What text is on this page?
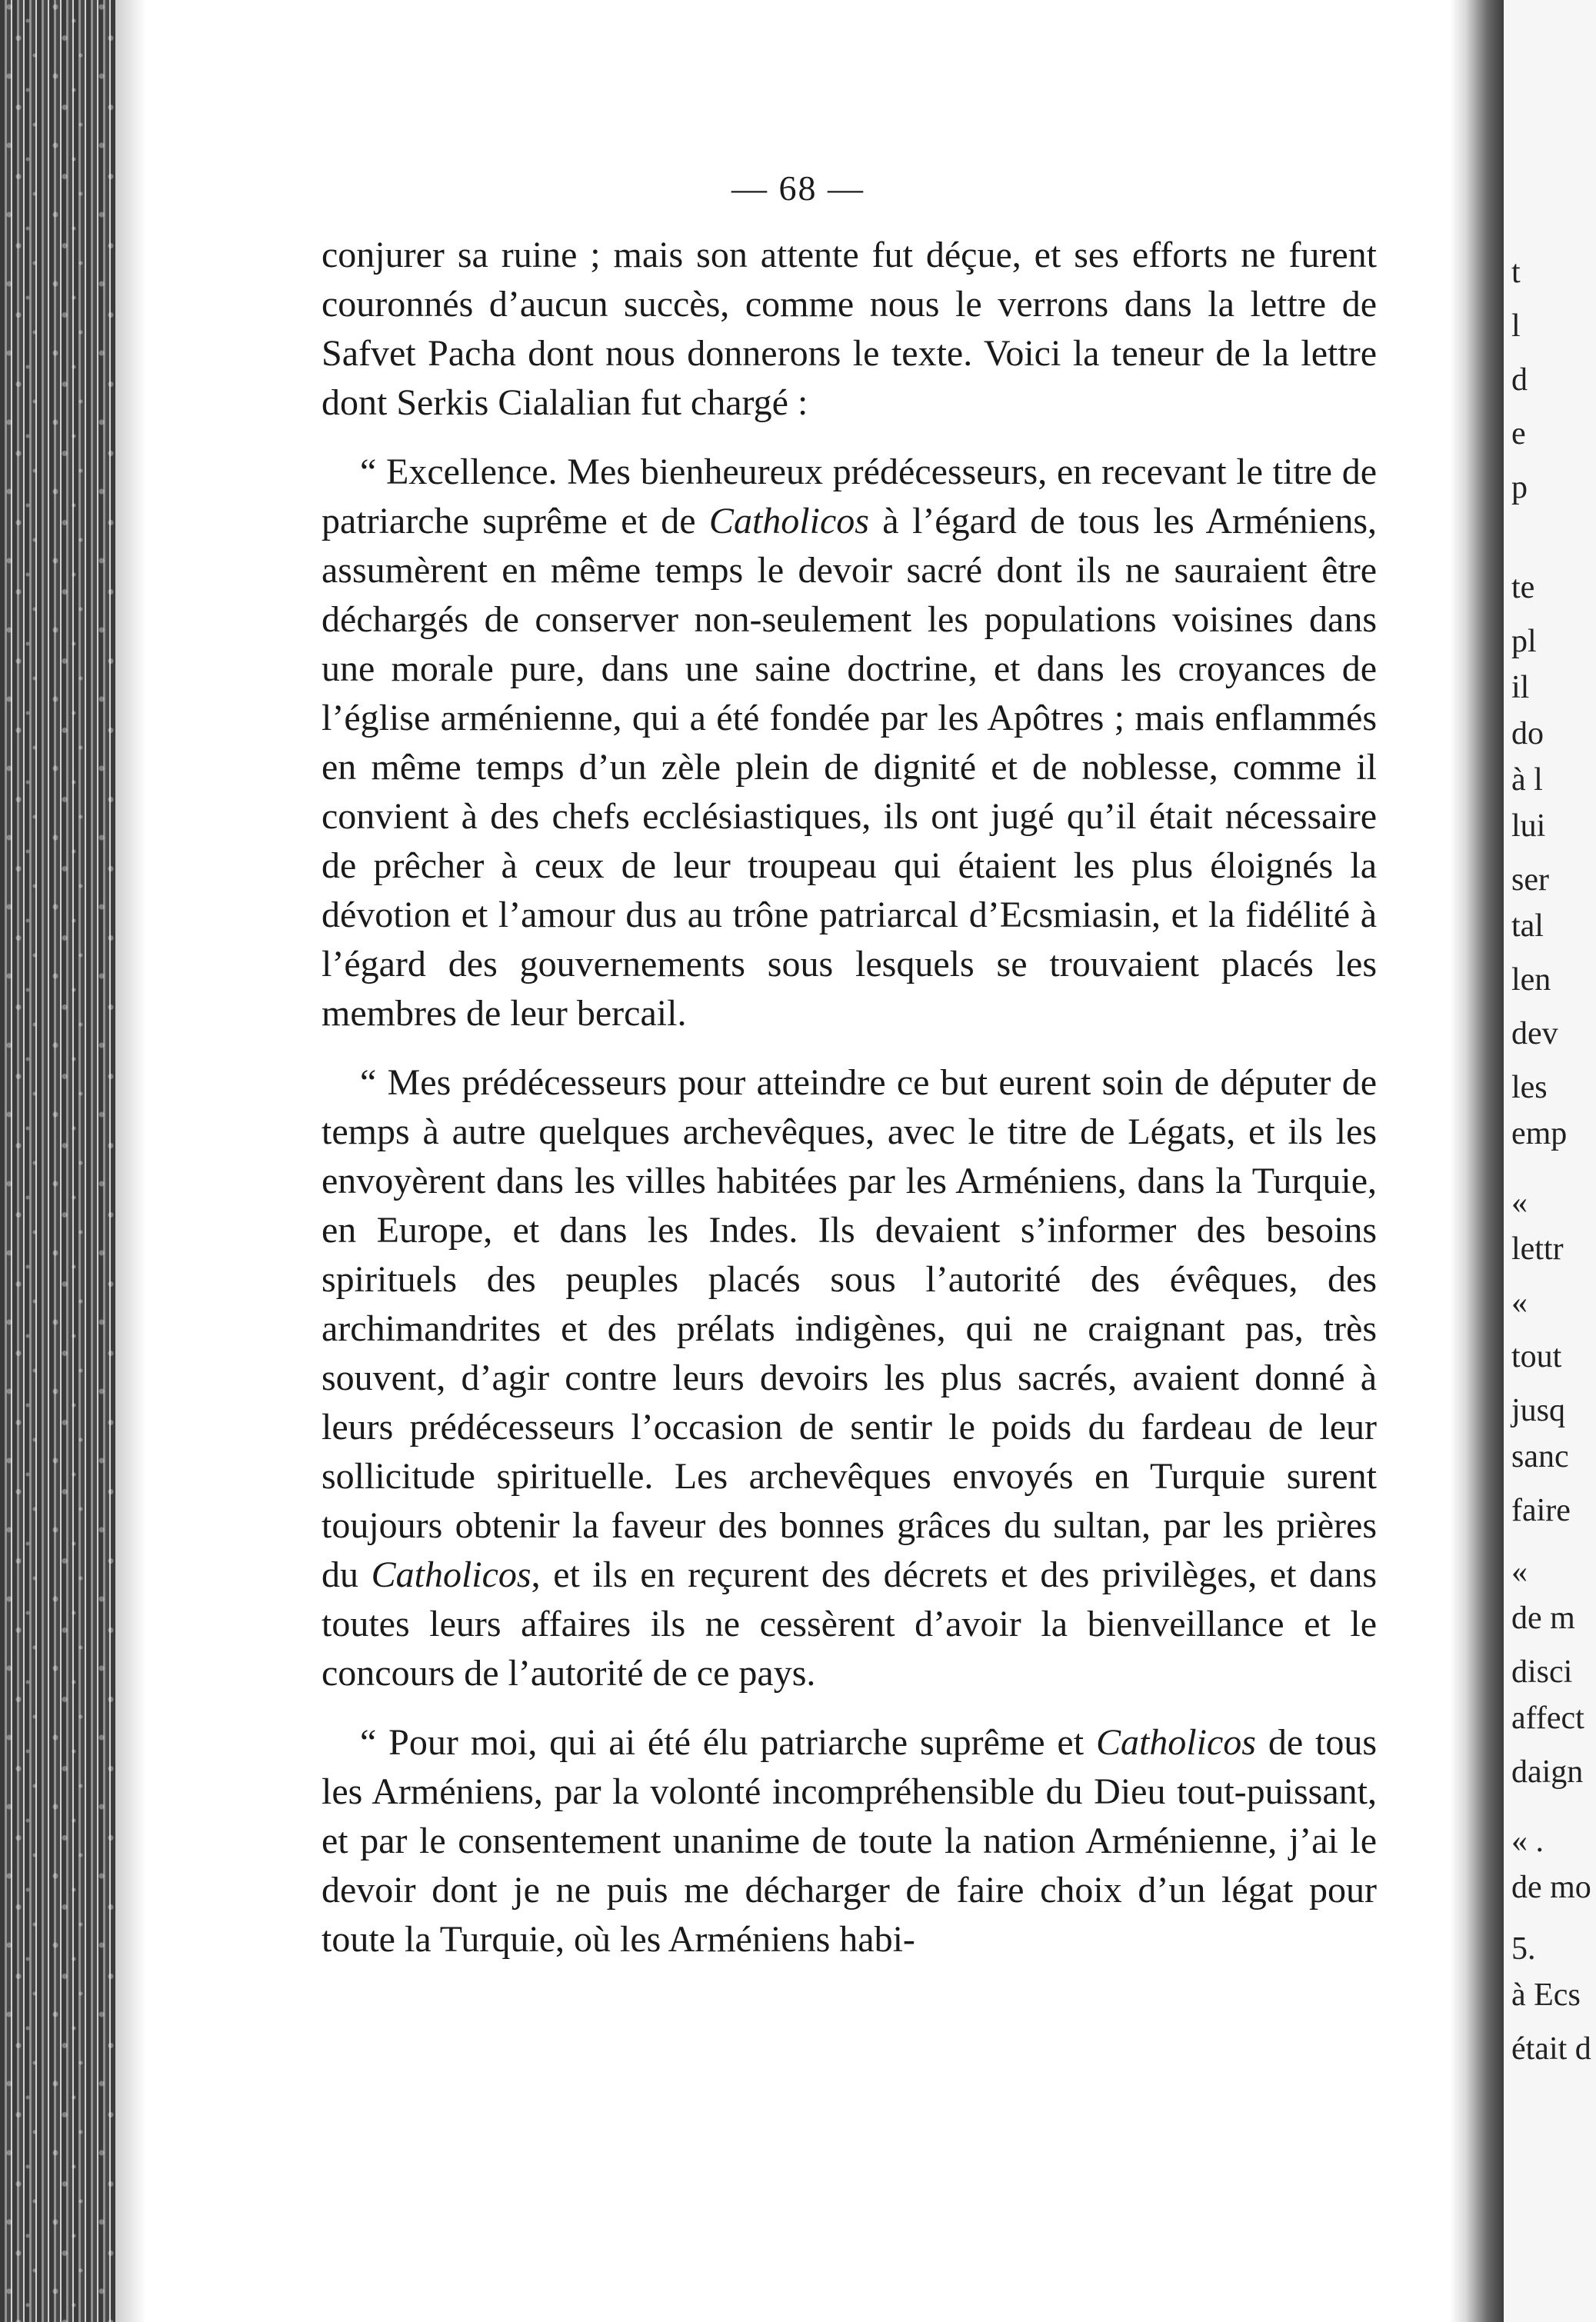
— 68 —

conjurer sa ruine ; mais son attente fut déçue, et ses efforts ne furent couronnés d’aucun succès, comme nous le verrons dans la lettre de Safvet Pacha dont nous donnerons le texte. Voici la teneur de la lettre dont Serkis Cialalian fut chargé :

“ Excellence. Mes bienheureux prédécesseurs, en recevant le titre de patriarche suprême et de Catholicos à l’égard de tous les Arméniens, assumèrent en même temps le devoir sacré dont ils ne sauraient être déchargés de conserver non-seulement les populations voisines dans une morale pure, dans une saine doctrine, et dans les croyances de l’église arménienne, qui a été fondée par les Apôtres ; mais enflammés en même temps d’un zèle plein de dignité et de noblesse, comme il convient à des chefs ecclésiastiques, ils ont jugé qu’il était nécessaire de prêcher à ceux de leur troupeau qui étaient les plus éloignés la dévotion et l’amour dus au trône patriarcal d’Ecsmiasin, et la fidélité à l’égard des gouvernements sous lesquels se trouvaient placés les membres de leur bercail.

“ Mes prédécesseurs pour atteindre ce but eurent soin de députer de temps à autre quelques archevêques, avec le titre de Légats, et ils les envoyèrent dans les villes habitées par les Arméniens, dans la Turquie, en Europe, et dans les Indes. Ils devaient s’informer des besoins spirituels des peuples placés sous l’autorité des évêques, des archimandrites et des prélats indigènes, qui ne craignant pas, très souvent, d’agir contre leurs devoirs les plus sacrés, avaient donné à leurs prédécesseurs l’occasion de sentir le poids du fardeau de leur sollicitude spirituelle. Les archevêques envoyés en Turquie surent toujours obtenir la faveur des bonnes grâces du sultan, par les prières du Catholicos, et ils en reçurent des décrets et des privilèges, et dans toutes leurs affaires ils ne cessèrent d’avoir la bienveillance et le concours de l’autorité de ce pays.

“ Pour moi, qui ai été élu patriarche suprême et Catholicos de tous les Arméniens, par la volonté incompréhensible du Dieu tout-puissant, et par le consentement unanime de toute la nation Arménienne, j’ai le devoir dont je ne puis me décharger de faire choix d’un légat pour toute la Turquie, où les Arméniens habi-

t
l
d
e
p
te
pl
il
do
à l
lui
ser
tal
len
dev
les
emp
«
lettr
«
tout
jusq
sanc
faire
«
de m
disci
affect
daign
« .
de mo
5.
à Ecs
était d
